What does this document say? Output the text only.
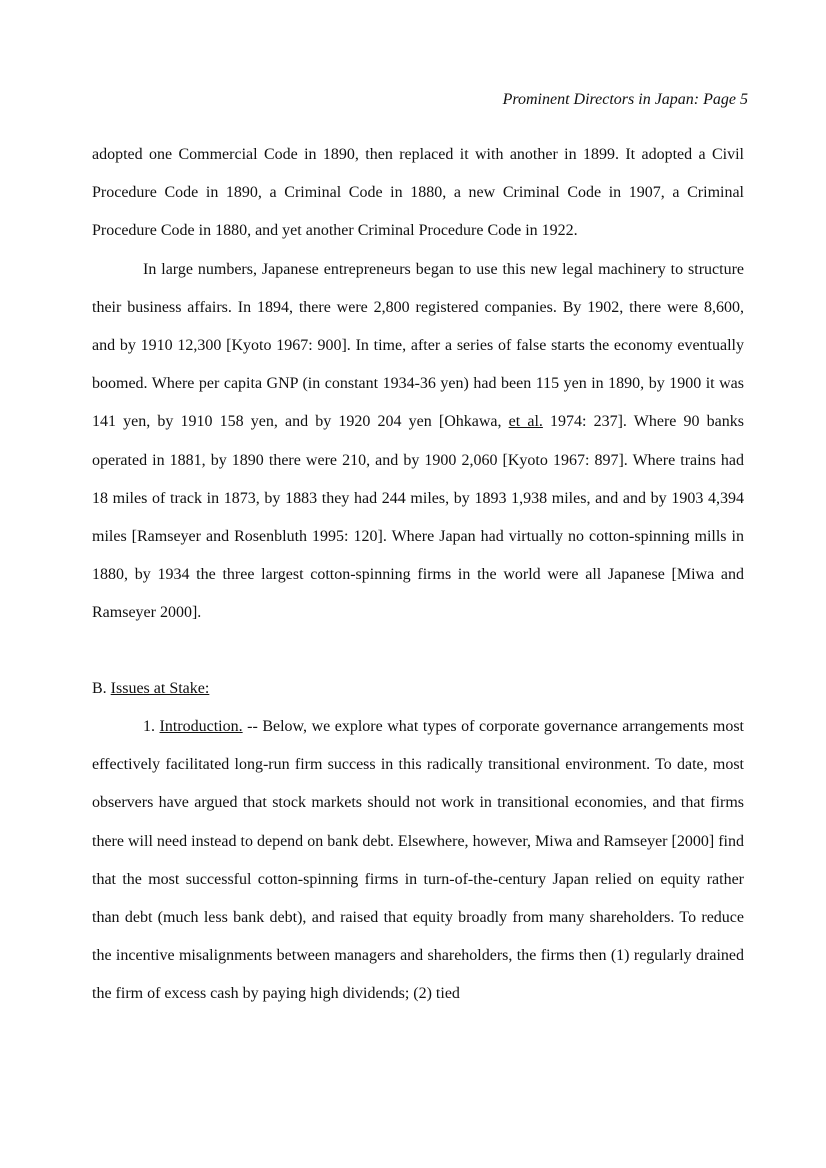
Prominent Directors in Japan: Page 5

adopted one Commercial Code in 1890, then replaced it with another in 1899. It adopted a Civil Procedure Code in 1890, a Criminal Code in 1880, a new Criminal Code in 1907, a Criminal Procedure Code in 1880, and yet another Criminal Procedure Code in 1922.

In large numbers, Japanese entrepreneurs began to use this new legal machinery to structure their business affairs. In 1894, there were 2,800 registered companies. By 1902, there were 8,600, and by 1910 12,300 [Kyoto 1967: 900]. In time, after a series of false starts the economy eventually boomed. Where per capita GNP (in constant 1934-36 yen) had been 115 yen in 1890, by 1900 it was 141 yen, by 1910 158 yen, and by 1920 204 yen [Ohkawa, et al. 1974: 237]. Where 90 banks operated in 1881, by 1890 there were 210, and by 1900 2,060 [Kyoto 1967: 897]. Where trains had 18 miles of track in 1873, by 1883 they had 244 miles, by 1893 1,938 miles, and and by 1903 4,394 miles [Ramseyer and Rosenbluth 1995: 120]. Where Japan had virtually no cotton-spinning mills in 1880, by 1934 the three largest cotton-spinning firms in the world were all Japanese [Miwa and Ramseyer 2000].

B. Issues at Stake:

1. Introduction. -- Below, we explore what types of corporate governance arrangements most effectively facilitated long-run firm success in this radically transitional environment. To date, most observers have argued that stock markets should not work in transitional economies, and that firms there will need instead to depend on bank debt. Elsewhere, however, Miwa and Ramseyer [2000] find that the most successful cotton-spinning firms in turn-of-the-century Japan relied on equity rather than debt (much less bank debt), and raised that equity broadly from many shareholders. To reduce the incentive misalignments between managers and shareholders, the firms then (1) regularly drained the firm of excess cash by paying high dividends; (2) tied
